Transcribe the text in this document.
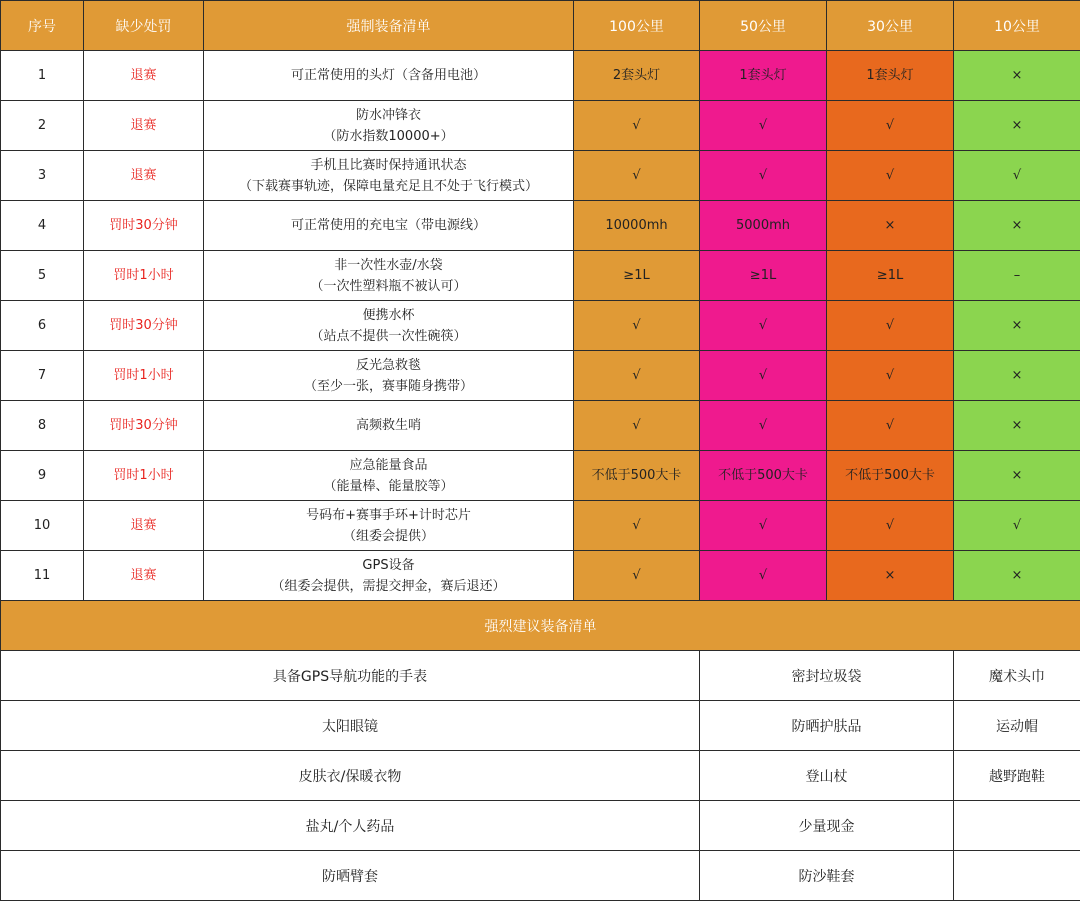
序号	缺少处罚	强制装备清单	100公里	50公里	30公里	10公里
1	退赛	可正常使用的头灯（含备用电池）	2套头灯	1套头灯	1套头灯	×
2	退赛	防水冲锋衣
（防水指数10000+）	√	√	√	×
3	退赛	手机且比赛时保持通讯状态
（下载赛事轨迹，保障电量充足且不处于飞行模式）	√	√	√	√
4	罚时30分钟	可正常使用的充电宝（带电源线）	10000mh	5000mh	×	×
5	罚时1小时	非一次性水壶/水袋
（一次性塑料瓶不被认可）	≥1L	≥1L	≥1L	–
6	罚时30分钟	便携水杯
（站点不提供一次性碗筷）	√	√	√	×
7	罚时1小时	反光急救毯
（至少一张，赛事随身携带）	√	√	√	×
8	罚时30分钟	高频救生哨	√	√	√	×
9	罚时1小时	应急能量食品
（能量棒、能量胶等）	不低于500大卡	不低于500大卡	不低于500大卡	×
10	退赛	号码布+赛事手环+计时芯片
（组委会提供）	√	√	√	√
11	退赛	GPS设备
（组委会提供，需提交押金，赛后退还）	√	√	×	×
强烈建议装备清单						
具备GPS导航功能的手表				密封垃圾袋		魔术头巾
太阳眼镜				防晒护肤品		运动帽
皮肤衣/保暖衣物				登山杖		越野跑鞋
盐丸/个人药品				少量现金		
防晒臂套				防沙鞋套		
